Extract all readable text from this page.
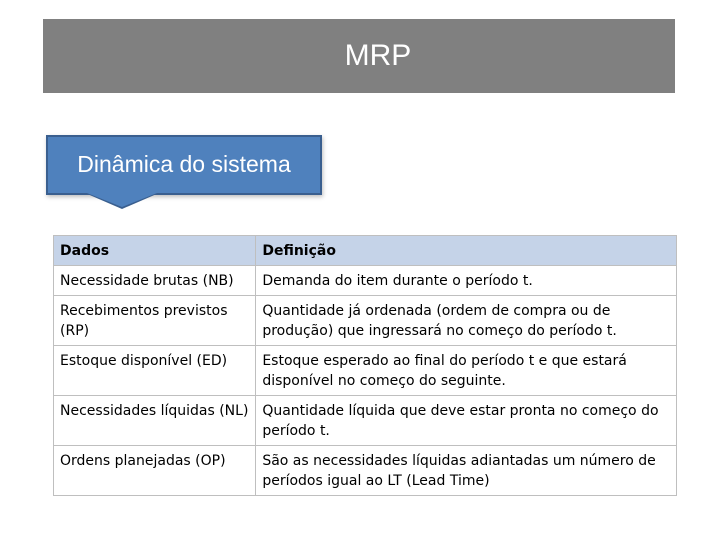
MRP
Dinâmica do sistema
Dados	Definição
Necessidade brutas (NB)	Demanda do item durante o período t.
Recebimentos previstos (RP)	Quantidade já ordenada (ordem de compra ou de produção) que ingressará no começo do período t.
Estoque disponível (ED)	Estoque esperado ao final do período t e que estará disponível no começo do seguinte.
Necessidades líquidas (NL)	Quantidade líquida que deve estar pronta no começo do período t.
Ordens planejadas (OP)	São as necessidades líquidas adiantadas um número de períodos igual ao LT (Lead Time)
